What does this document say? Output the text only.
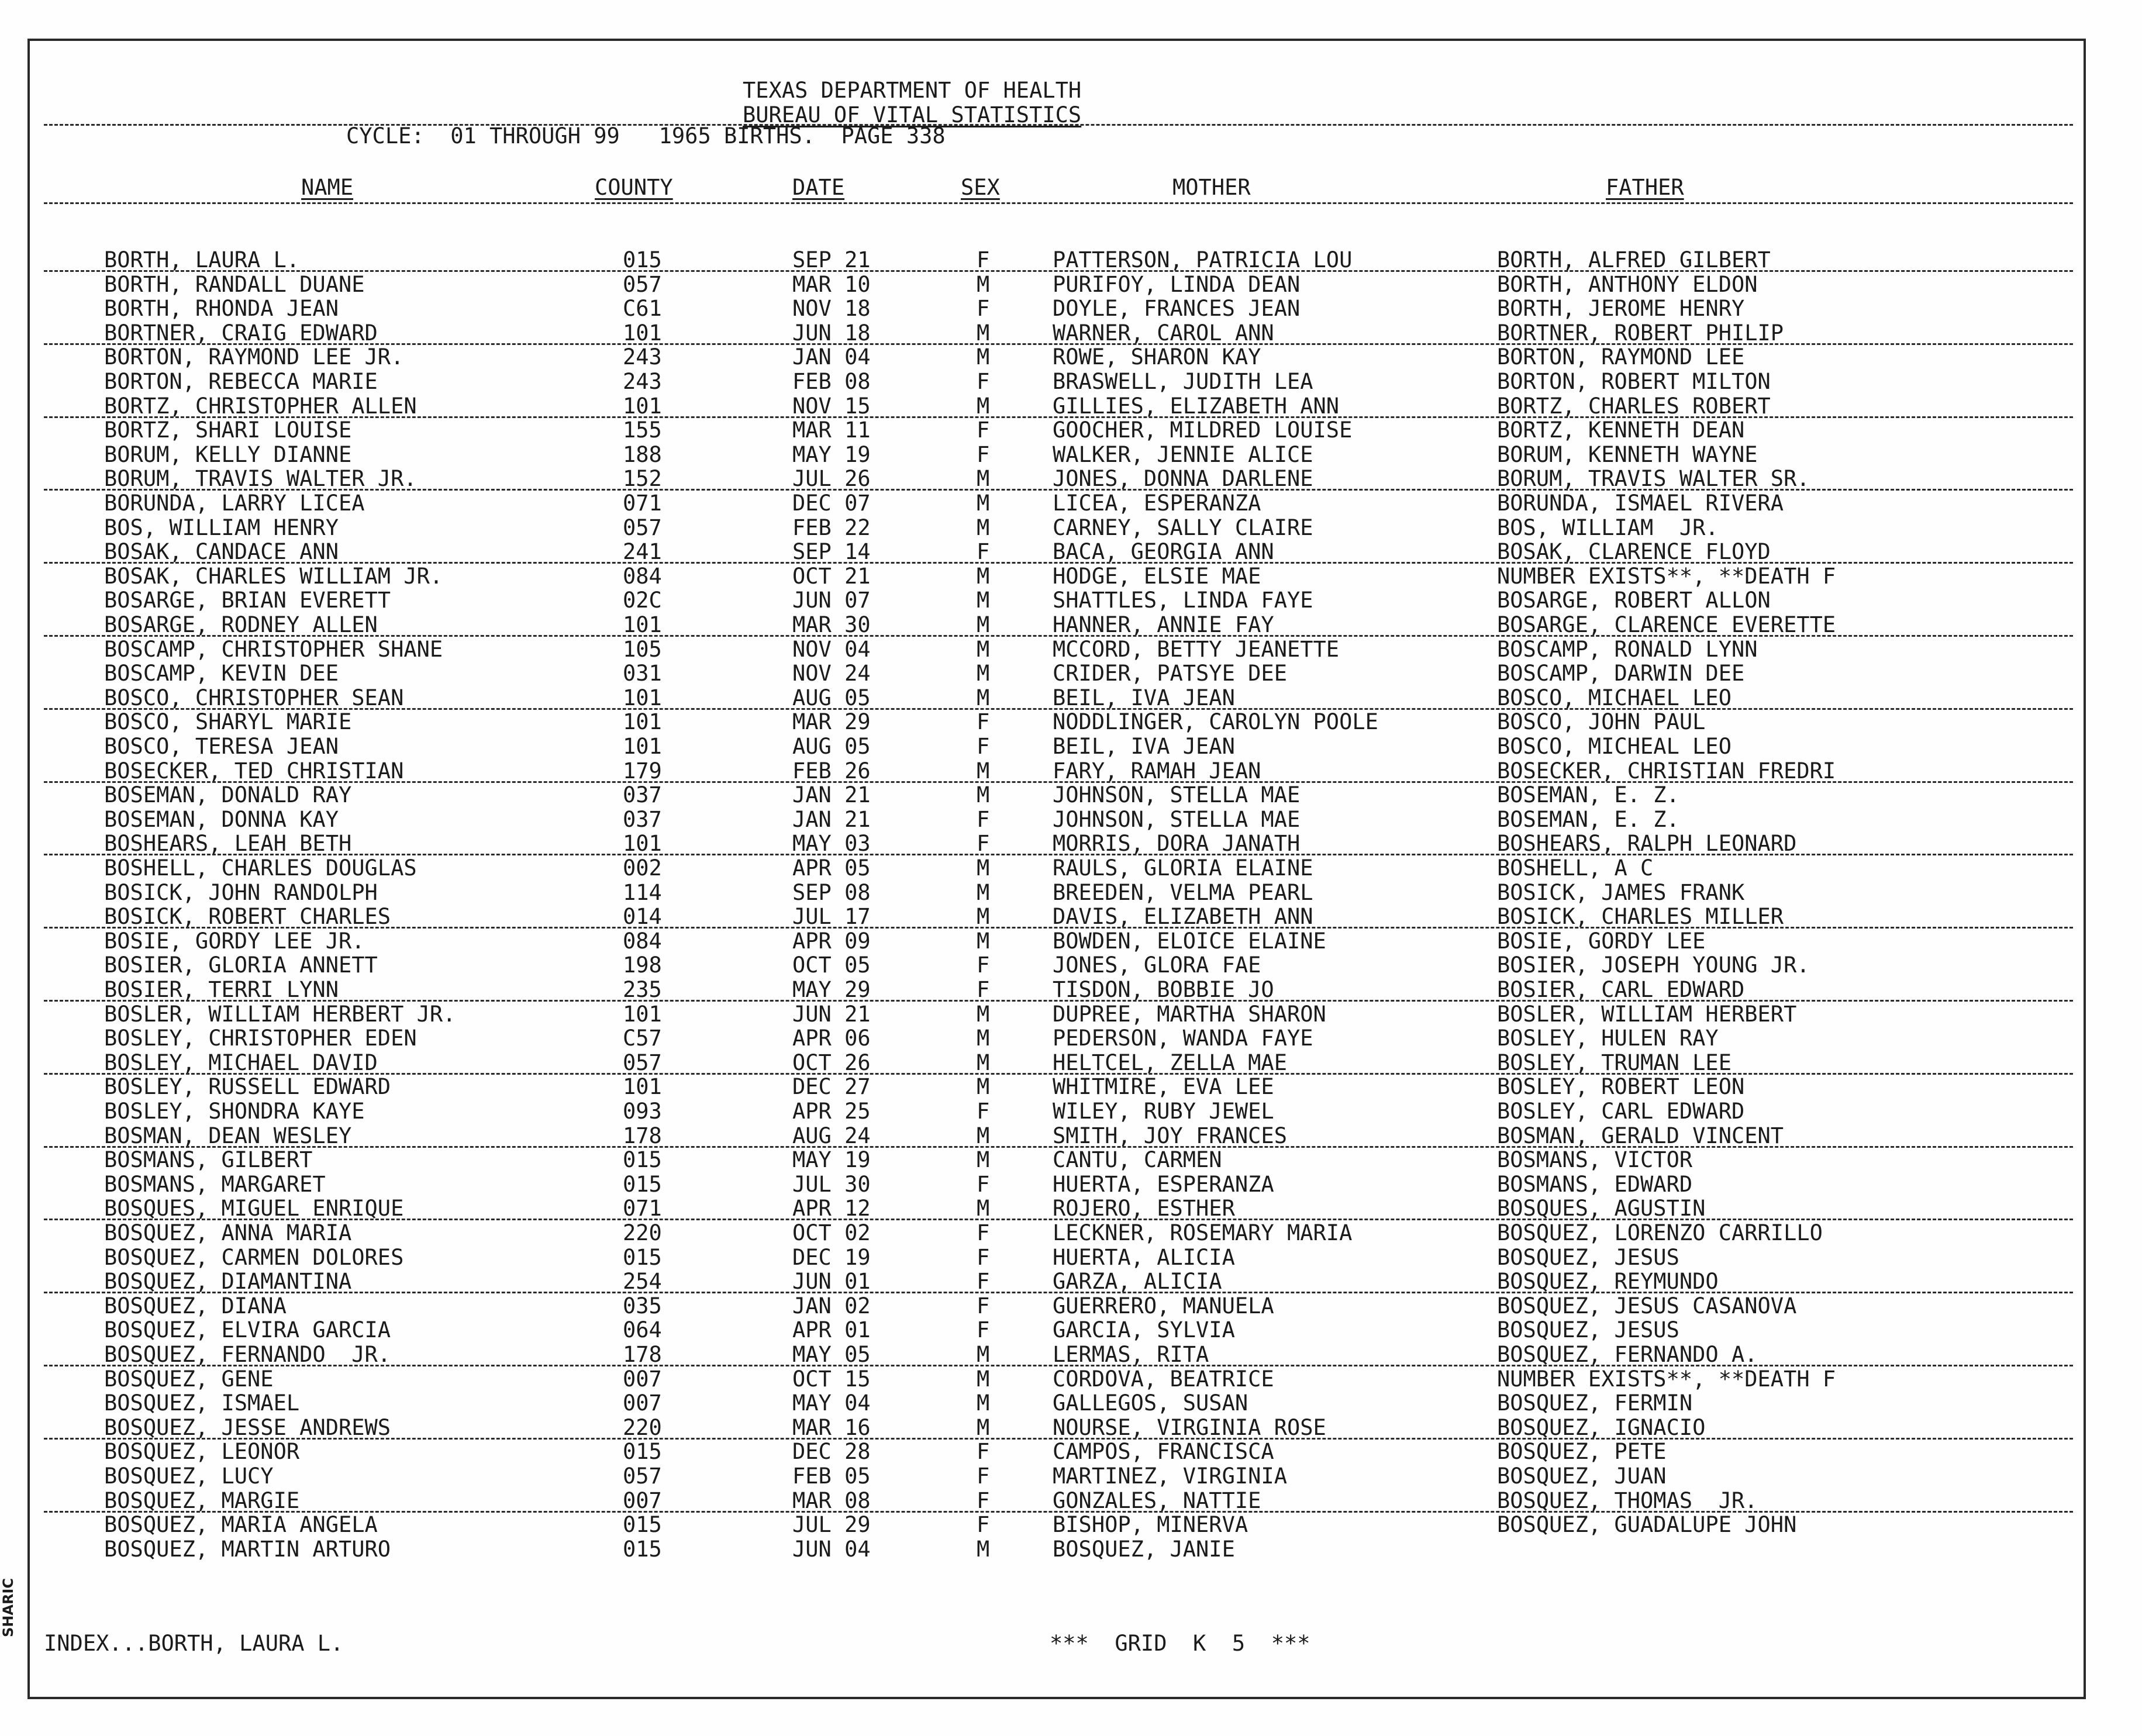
TEXAS DEPARTMENT OF HEALTH
BUREAU OF VITAL STATISTICS
CYCLE:  01 THROUGH 99   1965 BIRTHS.  PAGE 338
NAME	COUNTY	DATE	SEX	MOTHER	FATHER
BORTH, LAURA L.	015	SEP 21	F	PATTERSON, PATRICIA LOU	BORTH, ALFRED GILBERT
BORTH, RANDALL DUANE	057	MAR 10	M	PURIFOY, LINDA DEAN	BORTH, ANTHONY ELDON
BORTH, RHONDA JEAN	C61	NOV 18	F	DOYLE, FRANCES JEAN	BORTH, JEROME HENRY
BORTNER, CRAIG EDWARD	101	JUN 18	M	WARNER, CAROL ANN	BORTNER, ROBERT PHILIP
BORTON, RAYMOND LEE JR.	243	JAN 04	M	ROWE, SHARON KAY	BORTON, RAYMOND LEE
BORTON, REBECCA MARIE	243	FEB 08	F	BRASWELL, JUDITH LEA	BORTON, ROBERT MILTON
BORTZ, CHRISTOPHER ALLEN	101	NOV 15	M	GILLIES, ELIZABETH ANN	BORTZ, CHARLES ROBERT
BORTZ, SHARI LOUISE	155	MAR 11	F	GOOCHER, MILDRED LOUISE	BORTZ, KENNETH DEAN
BORUM, KELLY DIANNE	188	MAY 19	F	WALKER, JENNIE ALICE	BORUM, KENNETH WAYNE
BORUM, TRAVIS WALTER JR.	152	JUL 26	M	JONES, DONNA DARLENE	BORUM, TRAVIS WALTER SR.
BORUNDA, LARRY LICEA	071	DEC 07	M	LICEA, ESPERANZA	BORUNDA, ISMAEL RIVERA
BOS, WILLIAM HENRY	057	FEB 22	M	CARNEY, SALLY CLAIRE	BOS, WILLIAM  JR.
BOSAK, CANDACE ANN	241	SEP 14	F	BACA, GEORGIA ANN	BOSAK, CLARENCE FLOYD
BOSAK, CHARLES WILLIAM JR.	084	OCT 21	M	HODGE, ELSIE MAE	NUMBER EXISTS**, **DEATH F
BOSARGE, BRIAN EVERETT	02C	JUN 07	M	SHATTLES, LINDA FAYE	BOSARGE, ROBERT ALLON
BOSARGE, RODNEY ALLEN	101	MAR 30	M	HANNER, ANNIE FAY	BOSARGE, CLARENCE EVERETTE
BOSCAMP, CHRISTOPHER SHANE	105	NOV 04	M	MCCORD, BETTY JEANETTE	BOSCAMP, RONALD LYNN
BOSCAMP, KEVIN DEE	031	NOV 24	M	CRIDER, PATSYE DEE	BOSCAMP, DARWIN DEE
BOSCO, CHRISTOPHER SEAN	101	AUG 05	M	BEIL, IVA JEAN	BOSCO, MICHAEL LEO
BOSCO, SHARYL MARIE	101	MAR 29	F	NODDLINGER, CAROLYN POOLE	BOSCO, JOHN PAUL
BOSCO, TERESA JEAN	101	AUG 05	F	BEIL, IVA JEAN	BOSCO, MICHEAL LEO
BOSECKER, TED CHRISTIAN	179	FEB 26	M	FARY, RAMAH JEAN	BOSECKER, CHRISTIAN FREDRI
BOSEMAN, DONALD RAY	037	JAN 21	M	JOHNSON, STELLA MAE	BOSEMAN, E. Z.
BOSEMAN, DONNA KAY	037	JAN 21	F	JOHNSON, STELLA MAE	BOSEMAN, E. Z.
BOSHEARS, LEAH BETH	101	MAY 03	F	MORRIS, DORA JANATH	BOSHEARS, RALPH LEONARD
BOSHELL, CHARLES DOUGLAS	002	APR 05	M	RAULS, GLORIA ELAINE	BOSHELL, A C
BOSICK, JOHN RANDOLPH	114	SEP 08	M	BREEDEN, VELMA PEARL	BOSICK, JAMES FRANK
BOSICK, ROBERT CHARLES	014	JUL 17	M	DAVIS, ELIZABETH ANN	BOSICK, CHARLES MILLER
BOSIE, GORDY LEE JR.	084	APR 09	M	BOWDEN, ELOICE ELAINE	BOSIE, GORDY LEE
BOSIER, GLORIA ANNETT	198	OCT 05	F	JONES, GLORA FAE	BOSIER, JOSEPH YOUNG JR.
BOSIER, TERRI LYNN	235	MAY 29	F	TISDON, BOBBIE JO	BOSIER, CARL EDWARD
BOSLER, WILLIAM HERBERT JR.	101	JUN 21	M	DUPREE, MARTHA SHARON	BOSLER, WILLIAM HERBERT
BOSLEY, CHRISTOPHER EDEN	C57	APR 06	M	PEDERSON, WANDA FAYE	BOSLEY, HULEN RAY
BOSLEY, MICHAEL DAVID	057	OCT 26	M	HELTCEL, ZELLA MAE	BOSLEY, TRUMAN LEE
BOSLEY, RUSSELL EDWARD	101	DEC 27	M	WHITMIRE, EVA LEE	BOSLEY, ROBERT LEON
BOSLEY, SHONDRA KAYE	093	APR 25	F	WILEY, RUBY JEWEL	BOSLEY, CARL EDWARD
BOSMAN, DEAN WESLEY	178	AUG 24	M	SMITH, JOY FRANCES	BOSMAN, GERALD VINCENT
BOSMANS, GILBERT	015	MAY 19	M	CANTU, CARMEN	BOSMANS, VICTOR
BOSMANS, MARGARET	015	JUL 30	F	HUERTA, ESPERANZA	BOSMANS, EDWARD
BOSQUES, MIGUEL ENRIQUE	071	APR 12	M	ROJERO, ESTHER	BOSQUES, AGUSTIN
BOSQUEZ, ANNA MARIA	220	OCT 02	F	LECKNER, ROSEMARY MARIA	BOSQUEZ, LORENZO CARRILLO
BOSQUEZ, CARMEN DOLORES	015	DEC 19	F	HUERTA, ALICIA	BOSQUEZ, JESUS
BOSQUEZ, DIAMANTINA	254	JUN 01	F	GARZA, ALICIA	BOSQUEZ, REYMUNDO
BOSQUEZ, DIANA	035	JAN 02	F	GUERRERO, MANUELA	BOSQUEZ, JESUS CASANOVA
BOSQUEZ, ELVIRA GARCIA	064	APR 01	F	GARCIA, SYLVIA	BOSQUEZ, JESUS
BOSQUEZ, FERNANDO  JR.	178	MAY 05	M	LERMAS, RITA	BOSQUEZ, FERNANDO A.
BOSQUEZ, GENE	007	OCT 15	M	CORDOVA, BEATRICE	NUMBER EXISTS**, **DEATH F
BOSQUEZ, ISMAEL	007	MAY 04	M	GALLEGOS, SUSAN	BOSQUEZ, FERMIN
BOSQUEZ, JESSE ANDREWS	220	MAR 16	M	NOURSE, VIRGINIA ROSE	BOSQUEZ, IGNACIO
BOSQUEZ, LEONOR	015	DEC 28	F	CAMPOS, FRANCISCA	BOSQUEZ, PETE
BOSQUEZ, LUCY	057	FEB 05	F	MARTINEZ, VIRGINIA	BOSQUEZ, JUAN
BOSQUEZ, MARGIE	007	MAR 08	F	GONZALES, NATTIE	BOSQUEZ, THOMAS  JR.
BOSQUEZ, MARIA ANGELA	015	JUL 29	F	BISHOP, MINERVA	BOSQUEZ, GUADALUPE JOHN
BOSQUEZ, MARTIN ARTURO	015	JUN 04	M	BOSQUEZ, JANIE
INDEX...BORTH, LAURA L.	***  GRID  K  5  ***
SHARIC
